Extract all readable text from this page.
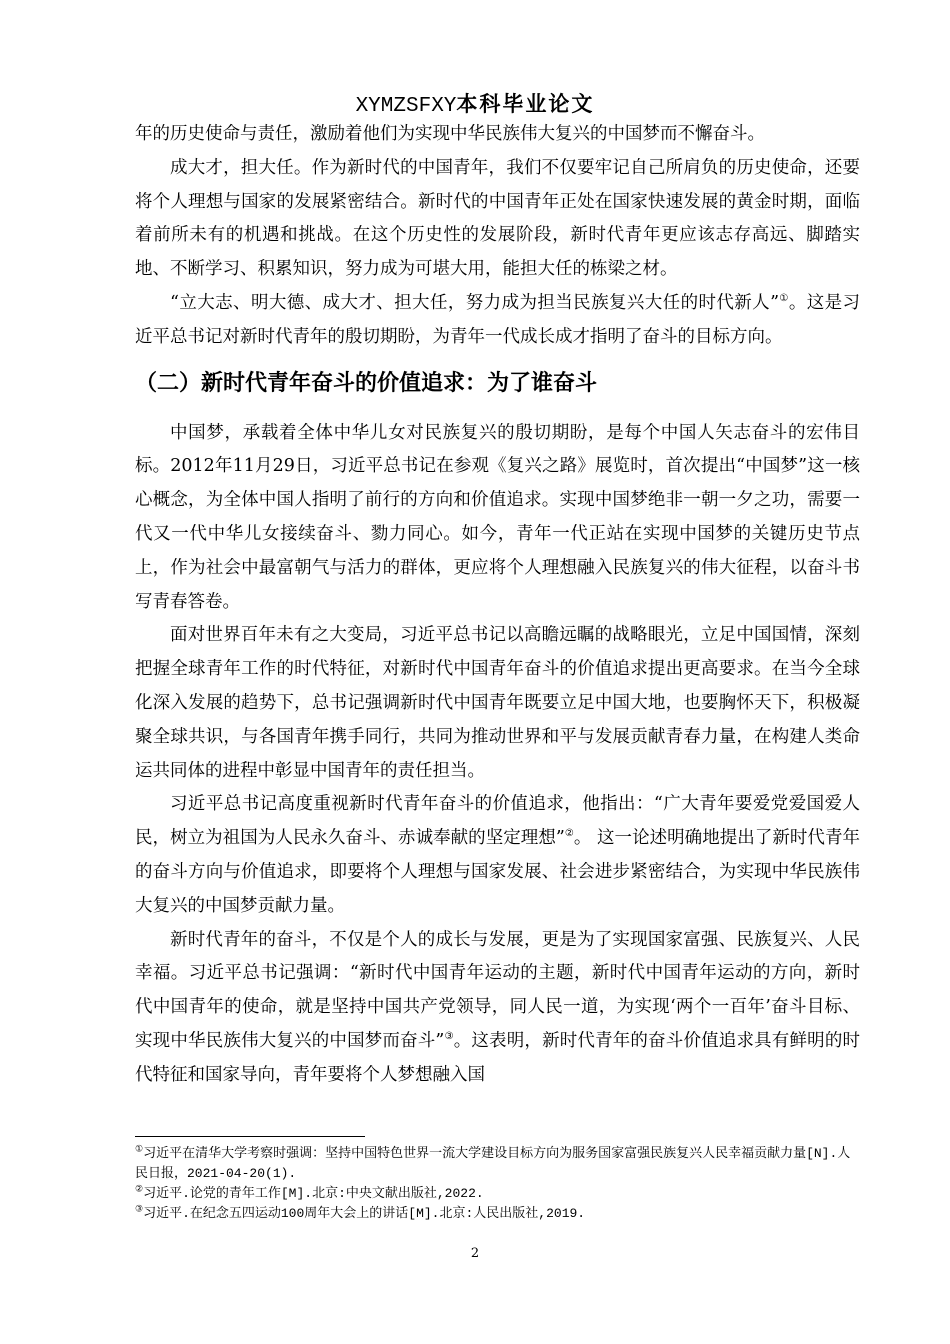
XYMZSFXY本科毕业论文

年的历史使命与责任，激励着他们为实现中华民族伟大复兴的中国梦而不懈奋斗。

成大才，担大任。作为新时代的中国青年，我们不仅要牢记自己所肩负的历史使命，还要将个人理想与国家的发展紧密结合。新时代的中国青年正处在国家快速发展的黄金时期，面临着前所未有的机遇和挑战。在这个历史性的发展阶段，新时代青年更应该志存高远、脚踏实地、不断学习、积累知识，努力成为可堪大用，能担大任的栋梁之材。

“立大志、明大德、成大才、担大任，努力成为担当民族复兴大任的时代新人”①。这是习近平总书记对新时代青年的殷切期盼，为青年一代成长成才指明了奋斗的目标方向。

（二）新时代青年奋斗的价值追求：为了谁奋斗

中国梦，承载着全体中华儿女对民族复兴的殷切期盼，是每个中国人矢志奋斗的宏伟目标。2012年11月29日，习近平总书记在参观《复兴之路》展览时，首次提出“中国梦”这一核心概念，为全体中国人指明了前行的方向和价值追求。实现中国梦绝非一朝一夕之功，需要一代又一代中华儿女接续奋斗、勠力同心。如今，青年一代正站在实现中国梦的关键历史节点上，作为社会中最富朝气与活力的群体，更应将个人理想融入民族复兴的伟大征程，以奋斗书写青春答卷。

面对世界百年未有之大变局，习近平总书记以高瞻远瞩的战略眼光，立足中国国情，深刻把握全球青年工作的时代特征，对新时代中国青年奋斗的价值追求提出更高要求。在当今全球化深入发展的趋势下，总书记强调新时代中国青年既要立足中国大地，也要胸怀天下，积极凝聚全球共识，与各国青年携手同行，共同为推动世界和平与发展贡献青春力量，在构建人类命运共同体的进程中彰显中国青年的责任担当。

习近平总书记高度重视新时代青年奋斗的价值追求，他指出：“广大青年要爱党爱国爱人民，树立为祖国为人民永久奋斗、赤诚奉献的坚定理想”②。 这一论述明确地提出了新时代青年的奋斗方向与价值追求，即要将个人理想与国家发展、社会进步紧密结合，为实现中华民族伟大复兴的中国梦贡献力量。

新时代青年的奋斗，不仅是个人的成长与发展，更是为了实现国家富强、民族复兴、人民幸福。习近平总书记强调：“新时代中国青年运动的主题，新时代中国青年运动的方向，新时代中国青年的使命，就是坚持中国共产党领导，同人民一道，为实现‘两个一百年’奋斗目标、实现中华民族伟大复兴的中国梦而奋斗”③。这表明，新时代青年的奋斗价值追求具有鲜明的时代特征和国家导向，青年要将个人梦想融入国

①习近平在清华大学考察时强调：坚持中国特色世界一流大学建设目标方向为服务国家富强民族复兴人民幸福贡献力量[N].人民日报，2021-04-20(1).

②习近平.论党的青年工作[M].北京:中央文献出版社,2022.

③习近平.在纪念五四运动100周年大会上的讲话[M].北京:人民出版社,2019.

2
